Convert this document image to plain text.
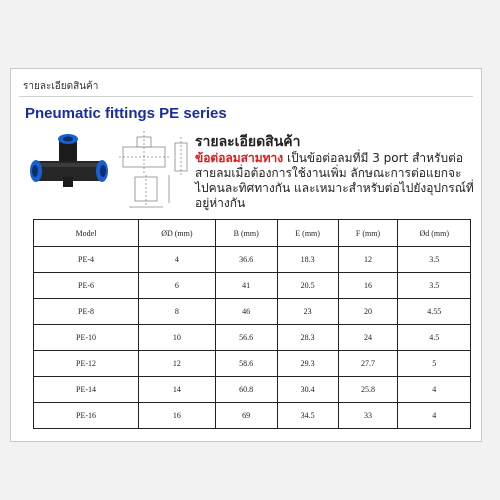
รายละเอียดสินค้า
Pneumatic fittings PE series
รายละเอียดสินค้า
ข้อต่อลมสามทาง เป็นข้อต่อลมที่มี 3 port สำหรับต่อสายลมเมื่อต้องการใช้งานเพิ่ม ลักษณะการต่อแยกจะไปคนละทิศทางกัน และเหมาะสำหรับต่อไปยังอุปกรณ์ที่อยู่ห่างกัน
Model	ØD (mm)	B (mm)	E (mm)	F (mm)	Ød (mm)
PE-4	4	36.6	18.3	12	3.5
PE-6	6	41	20.5	16	3.5
PE-8	8	46	23	20	4.55
PE-10	10	56.6	28.3	24	4.5
PE-12	12	58.6	29.3	27.7	5
PE-14	14	60.8	30.4	25.8	4
PE-16	16	69	34.5	33	4
